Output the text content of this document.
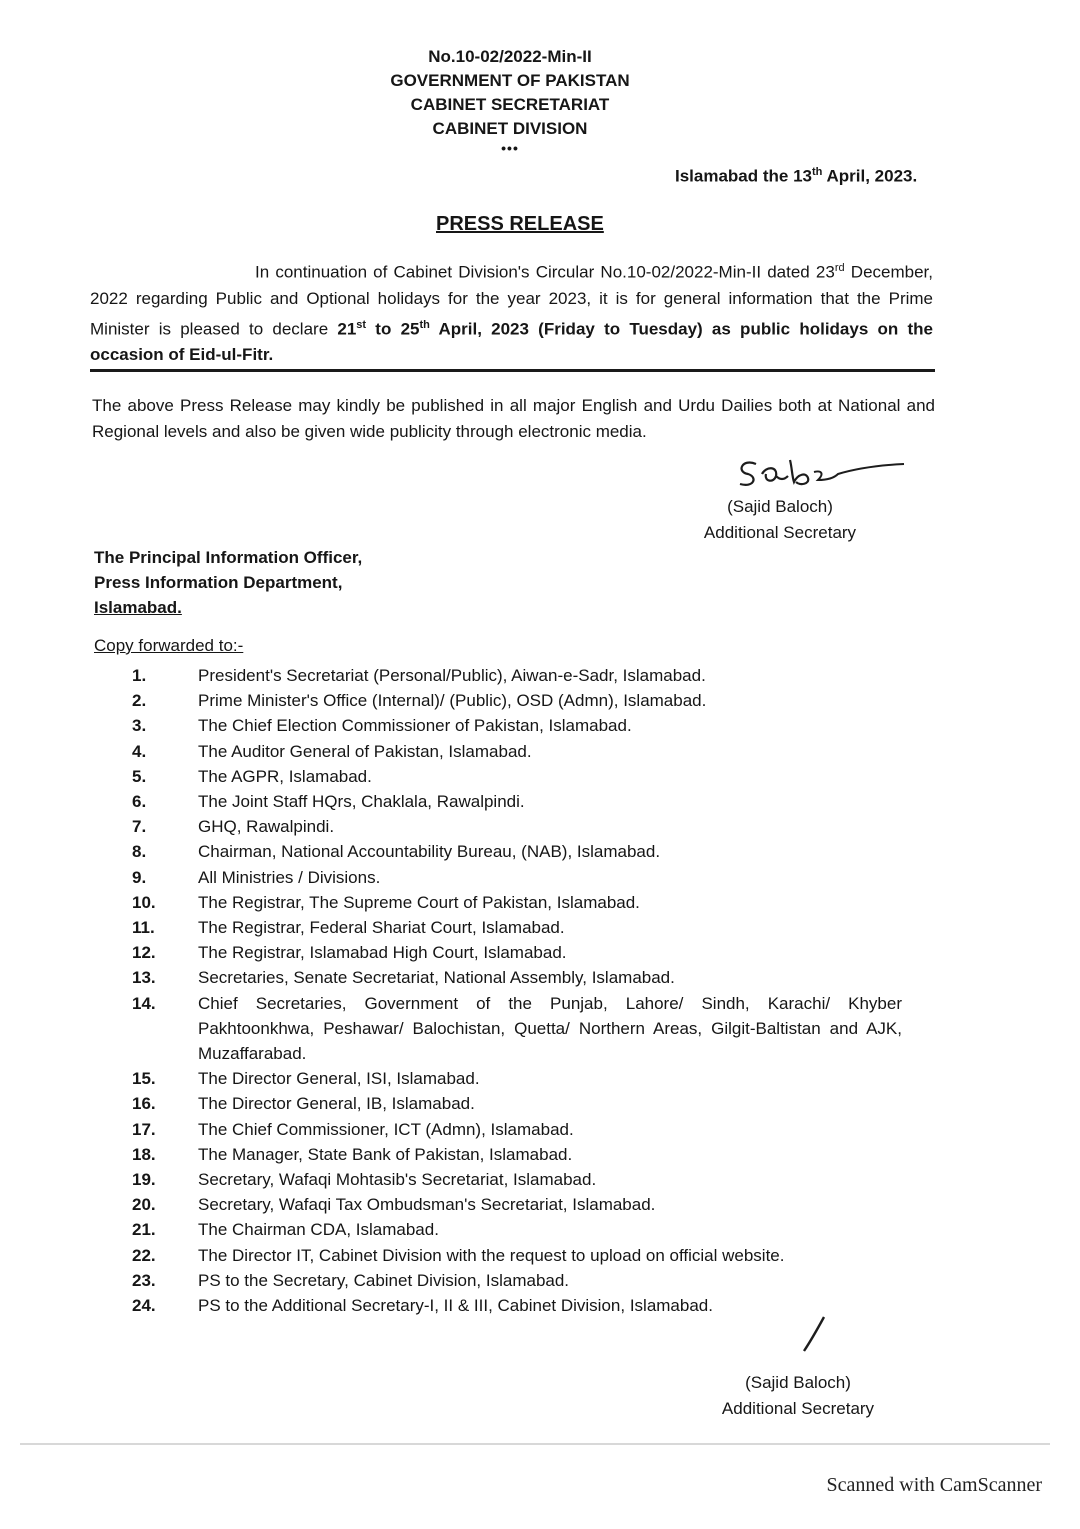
No.10-02/2022-Min-II
GOVERNMENT OF PAKISTAN
CABINET SECRETARIAT
CABINET DIVISION
•••
Islamabad the 13th April, 2023.
PRESS RELEASE
In continuation of Cabinet Division's Circular No.10-02/2022-Min-II dated 23rd December, 2022 regarding Public and Optional holidays for the year 2023, it is for general information that the Prime Minister is pleased to declare 21st to 25th April, 2023 (Friday to Tuesday) as public holidays on the occasion of Eid-ul-Fitr.
The above Press Release may kindly be published in all major English and Urdu Dailies both at National and Regional levels and also be given wide publicity through electronic media.
(Sajid Baloch)
Additional Secretary
The Principal Information Officer,
Press Information Department,
Islamabad.
Copy forwarded to:-
1.	President's Secretariat (Personal/Public), Aiwan-e-Sadr, Islamabad.
2.	Prime Minister's Office (Internal)/ (Public), OSD (Admn), Islamabad.
3.	The Chief Election Commissioner of Pakistan, Islamabad.
4.	The Auditor General of Pakistan, Islamabad.
5.	The AGPR, Islamabad.
6.	The Joint Staff HQrs, Chaklala, Rawalpindi.
7.	GHQ, Rawalpindi.
8.	Chairman, National Accountability Bureau, (NAB), Islamabad.
9.	All Ministries / Divisions.
10.	The Registrar, The Supreme Court of Pakistan, Islamabad.
11.	The Registrar, Federal Shariat Court, Islamabad.
12.	The Registrar, Islamabad High Court, Islamabad.
13.	Secretaries, Senate Secretariat, National Assembly, Islamabad.
14.	Chief Secretaries, Government of the Punjab, Lahore/ Sindh, Karachi/ Khyber Pakhtoonkhwa, Peshawar/ Balochistan, Quetta/ Northern Areas, Gilgit-Baltistan and AJK, Muzaffarabad.
15.	The Director General, ISI, Islamabad.
16.	The Director General, IB, Islamabad.
17.	The Chief Commissioner, ICT (Admn), Islamabad.
18.	The Manager, State Bank of Pakistan, Islamabad.
19.	Secretary, Wafaqi Mohtasib's Secretariat, Islamabad.
20.	Secretary, Wafaqi Tax Ombudsman's Secretariat, Islamabad.
21.	The Chairman CDA, Islamabad.
22.	The Director IT, Cabinet Division with the request to upload on official website.
23.	PS to the Secretary, Cabinet Division, Islamabad.
24.	PS to the Additional Secretary-I, II & III, Cabinet Division, Islamabad.
(Sajid Baloch)
Additional Secretary
Scanned with CamScanner
